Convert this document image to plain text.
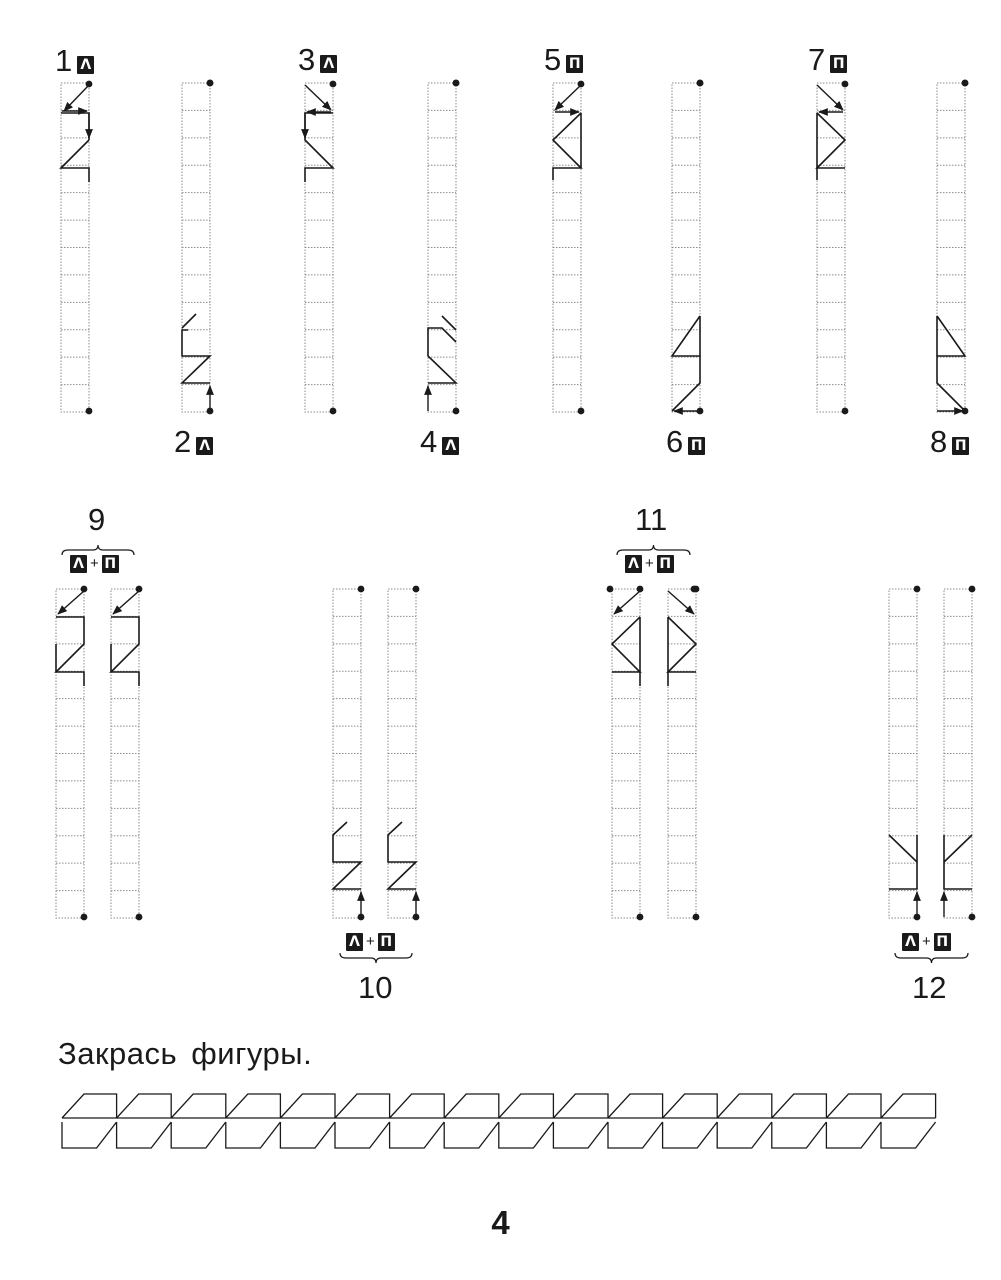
1 Λ
2 Λ
3 Λ
4 Λ
5 Π
6 Π
7 Π
8 Π
9
Λ + Π
Λ + Π
10
11
Λ + Π
Λ + Π
12
Закрась фигуры.
4
